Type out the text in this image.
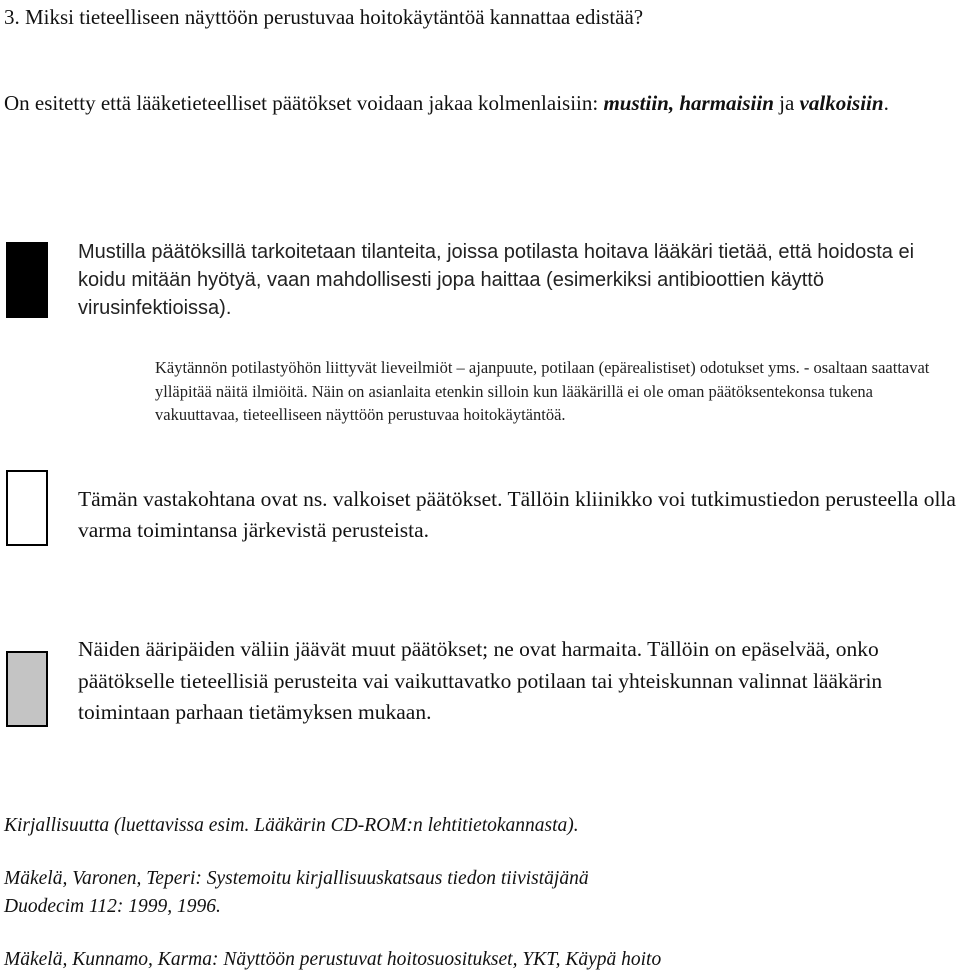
3. Miksi tieteelliseen näyttöön perustuvaa hoitokäytäntöä kannattaa edistää?
On esitetty että lääketieteelliset päätökset voidaan jakaa kolmenlaisiin: mustiin, harmaisiin ja valkoisiin.
Mustilla päätöksillä tarkoitetaan tilanteita, joissa potilasta hoitava lääkäri tietää, että hoidosta ei koidu mitään hyötyä, vaan mahdollisesti jopa haittaa (esimerkiksi antibioottien käyttö virusinfektioissa).
Käytännön potilastyöhön liittyvät lieveilmiöt – ajanpuute, potilaan (epärealistiset) odotukset yms. - osaltaan saattavat ylläpitää näitä ilmiöitä. Näin on asianlaita etenkin silloin kun lääkärillä ei ole oman päätöksentekonsa tukena vakuuttavaa, tieteelliseen näyttöön perustuvaa hoitokäytäntöä.
Tämän vastakohtana ovat ns. valkoiset päätökset. Tällöin kliinikko voi tutkimustiedon perusteella olla varma toimintansa järkevistä perusteista.
Näiden ääripäiden väliin jäävät muut päätökset; ne ovat harmaita. Tällöin on epäselvää, onko päätökselle tieteellisiä perusteita vai vaikuttavatko potilaan tai yhteiskunnan valinnat lääkärin toimintaan parhaan tietämyksen mukaan.
Kirjallisuutta (luettavissa esim. Lääkärin CD-ROM:n lehtitietokannasta).
Mäkelä, Varonen, Teperi: Systemoitu kirjallisuuskatsaus tiedon tiivistäjänä
Duodecim 112: 1999, 1996.
Mäkelä, Kunnamo, Karma: Näyttöön perustuvat hoitosuositukset, YKT, Käypä hoito
